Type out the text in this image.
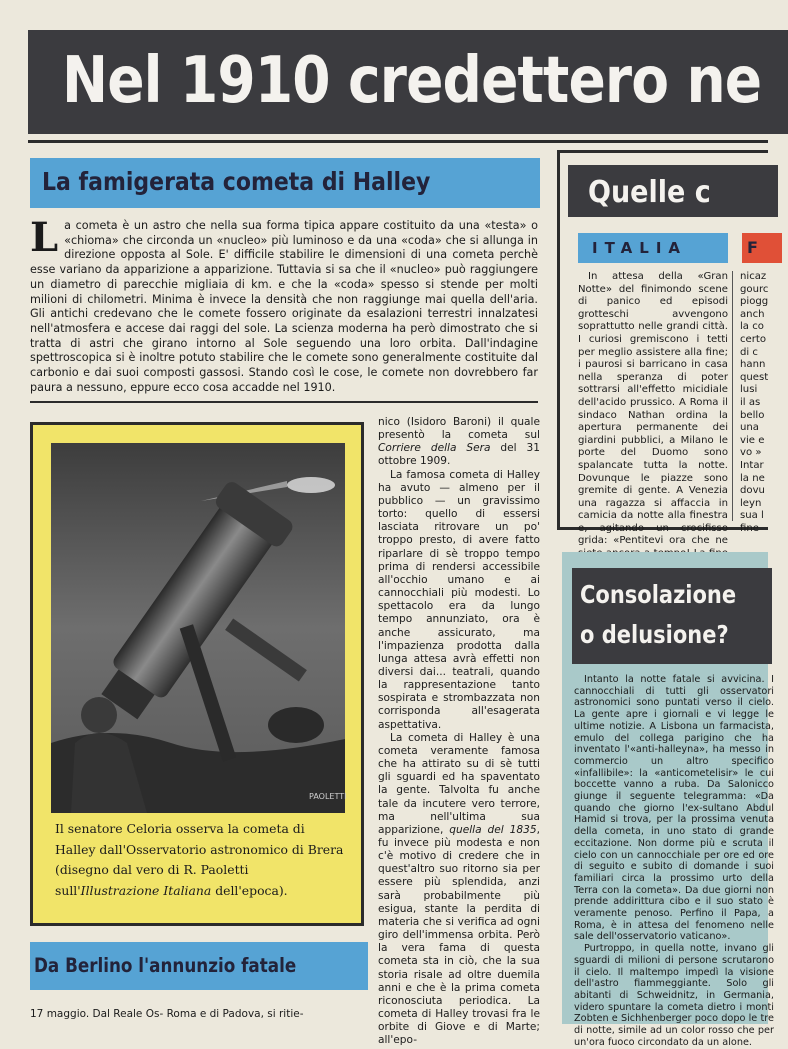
Nel 1910 credettero ne
La famigerata cometa di Halley
La cometa è un astro che nella sua forma tipica appare costituito da una «testa» o «chioma» che circonda un «nucleo» più luminoso e da una «coda» che si allunga in direzione opposta al Sole. E' difficile stabilire le dimensioni di una cometa perchè esse variano da apparizione a apparizione. Tuttavia si sa che il «nucleo» può raggiungere un diametro di parecchie migliaia di km. e che la «coda» spesso si stende per molti milioni di chilometri. Minima è invece la densità che non raggiunge mai quella dell'aria. Gli antichi credevano che le comete fossero originate da esalazioni terrestri innalzatesi nell'atmosfera e accese dai raggi del sole. La scienza moderna ha però dimostrato che si tratta di astri che girano intorno al Sole seguendo una loro orbita. Dall'indagine spettroscopica si è inoltre potuto stabilire che le comete sono generalmente costituite dal carbonio e dai suoi composti gassosi. Stando così le cose, le comete non dovrebbero far paura a nessuno, eppure ecco cosa accadde nel 1910.
PAOLETTI
Il senatore Celoria osserva la cometa di Halley dall'Osservatorio astronomico di Brera (disegno dal vero di R. Paoletti sull'Illustrazione Italiana dell'epoca).

nico (Isidoro Baroni) il quale presentò la cometa sul Corriere della Sera del 31 ottobre 1909.

La famosa cometa di Halley ha avuto — almeno per il pubblico — un gravissimo torto: quello di essersi lasciata ritrovare un po' troppo presto, di avere fatto riparlare di sè troppo tempo prima di rendersi accessibile all'occhio umano e ai cannocchiali più modesti. Lo spettacolo era da lungo tempo annunziato, ora è anche assicurato, ma l'impazienza prodotta dalla lunga attesa avrà effetti non diversi dai... teatrali, quando la rappresentazione tanto sospirata e strombazzata non corrisponda all'esagerata aspettativa.

La cometa di Halley è una cometa veramente famosa che ha attirato su di sè tutti gli sguardi ed ha spaventato la gente. Talvolta fu anche tale da incutere vero terrore, ma nell'ultima sua apparizione, quella del 1835, fu invece più modesta e non c'è motivo di credere che in quest'altro suo ritorno sia per essere più splendida, anzi sarà probabilmente più esigua, stante la perdita di materia che si verifica ad ogni giro dell'immensa orbita. Però la vera fama di questa cometa sta in ciò, che la sua storia risale ad oltre duemila anni e che è la prima cometa riconosciuta periodica. La cometa di Halley trovasi fra le orbite di Giove e di Marte; all'epo-

Da Berlino l'annunzio fatale
17 maggio. Dal Reale Os- Roma e di Padova, si ritie-
Quelle c
ITALIA	F

In attesa della «Gran Notte» del finimondo scene di panico ed episodi grotteschi avvengono soprattutto nelle grandi città. I curiosi gremiscono i tetti per meglio assistere alla fine; i paurosi si barricano in casa nella speranza di poter sottrarsi all'effetto micidiale dell'acido prussico. A Roma il sindaco Nathan ordina la apertura permanente dei giardini pubblici, a Milano le porte del Duomo sono spalancate tutta la notte. Dovunque le piazze sono gremite di gente. A Venezia una ragazza si affaccia in camicia da notte alla finestra e, agitando un crocifisso grida: «Pentitevi ora che ne

nicaz
gourc
piogg
anch
la co
certo
di c
hann
quest
lusi
il as
bello
una
vie e
vo »
Intar
la ne
dovu
leyn
sua l
fine
Consolazione
o delusione?

Intanto la notte fatale si avvicina. I cannocchiali di tutti gli osservatori astronomici sono puntati verso il cielo. La gente apre i giornali e vi legge le ultime notizie. A Lisbona un farmacista, emulo del collega parigino che ha inventato l'«anti-halleyna», ha messo in commercio un altro specifico «infallibile»: la «anticometelisir» le cui boccette vanno a ruba. Da Salonicco giunge il seguente telegramma: «Da quando che giorno l'ex-sultano Abdul Hamid si trova, per la prossima venuta della cometa, in uno stato di grande eccitazione. Non dorme più e scruta il cielo con un cannocchiale per ore ed ore di seguito e subito di domande i suoi familiari circa la prossimo urto della Terra con la cometa». Da due giorni non prende addirittura cibo e il suo stato è veramente penoso. Perfino il Papa, a Roma, è in attesa del fenomeno nelle sale dell'osservatorio vaticano».

Purtroppo, in quella notte, invano gli sguardi di milioni di persone scrutarono il cielo. Il maltempo impedì la visione dell'astro fiammeggiante. Solo gli abitanti di Schweidnitz, in Germania, videro spuntare la cometa dietro i monti Zobten e Sichhenberger poco dopo le tre di notte, simile ad un color rosso che per un'ora fuoco circondato da un alone.
